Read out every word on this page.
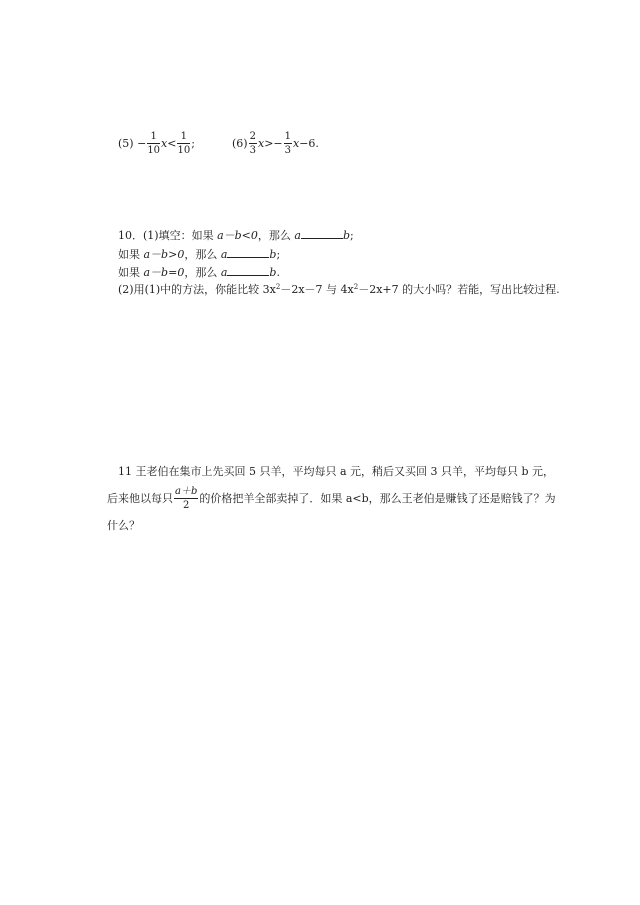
$(5) - \frac{1}{10} x< \frac{1}{10}$ ;	$(6) \frac{2}{3} x>- \frac{1}{3} x-6$.
10．(1)填空：如果 a－b<0，那么 a	b;
如果 a－b>0，那么 a	b;
如果 a－b=0，那么 a	b.
(2)用(1)中的方法，你能比较 $3x^2-2x-7$ 与 $4x^2-2x+7$ 的大小吗？若能，写出比较过程.
11 王老伯在集市上先买回 5 只羊，平均每只 a 元，稍后又买回 3 只羊，平均每只 b 元，
后来他以每只 $\frac{a+b}{2}$ 的价格把羊全部卖掉了．如果 a<b，那么王老伯是赚钱了还是赔钱了？为
什么？
